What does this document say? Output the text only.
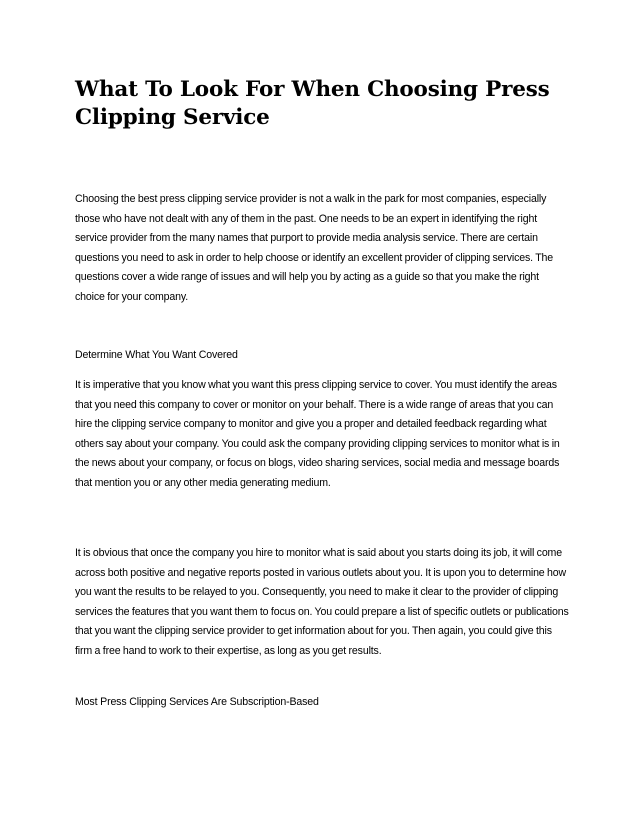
What To Look For When Choosing Press Clipping Service

Choosing the best press clipping service provider is not a walk in the park for most companies, especially those who have not dealt with any of them in the past. One needs to be an expert in identifying the right service provider from the many names that purport to provide media analysis service. There are certain questions you need to ask in order to help choose or identify an excellent provider of clipping services. The questions cover a wide range of issues and will help you by acting as a guide so that you make the right choice for your company.

Determine What You Want Covered

It is imperative that you know what you want this press clipping service to cover. You must identify the areas that you need this company to cover or monitor on your behalf. There is a wide range of areas that you can hire the clipping service company to monitor and give you a proper and detailed feedback regarding what others say about your company. You could ask the company providing clipping services to monitor what is in the news about your company, or focus on blogs, video sharing services, social media and message boards that mention you or any other media generating medium.

It is obvious that once the company you hire to monitor what is said about you starts doing its job, it will come across both positive and negative reports posted in various outlets about you. It is upon you to determine how you want the results to be relayed to you. Consequently, you need to make it clear to the provider of clipping services the features that you want them to focus on. You could prepare a list of specific outlets or publications that you want the clipping service provider to get information about for you. Then again, you could give this firm a free hand to work to their expertise, as long as you get results.

Most Press Clipping Services Are Subscription-Based
